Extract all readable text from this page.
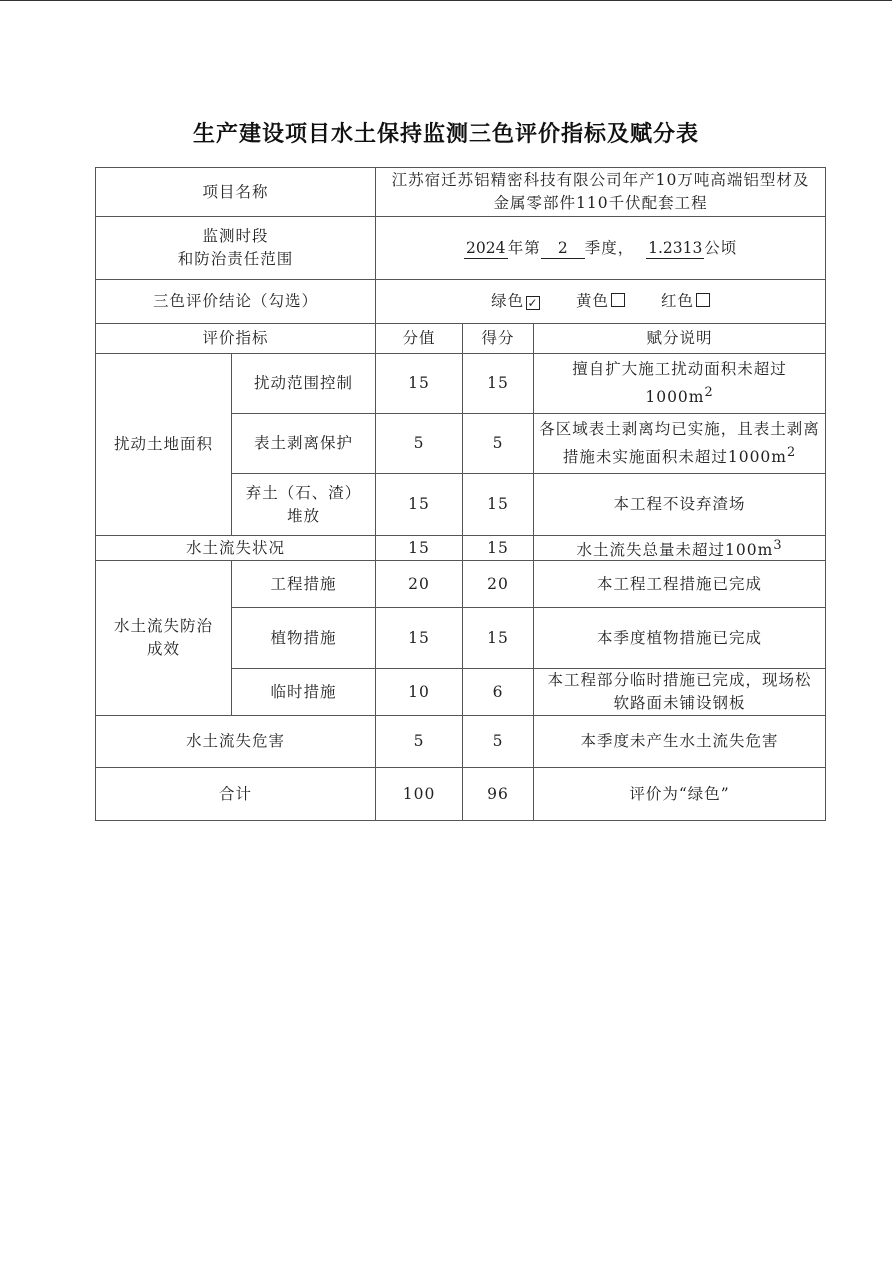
生产建设项目水土保持监测三色评价指标及赋分表
项目名称		江苏宿迁苏铝精密科技有限公司年产10万吨高端铝型材及金属零部件110千伏配套工程		

监测时段
和防治责任范围		2024 年第 2 季度， 1.2313 公顷		
三色评价结论（勾选）		绿色 ✓ 黄色 红色		
评价指标		分值	得分	赋分说明
扰动土地面积	扰动范围控制	15	15	擅自扩大施工扰动面积未超过$1000m^2$
	表土剥离保护	5	5	各区域表土剥离均已实施，且表土剥离措施未实施面积未超过$1000m^2$

	弃土（石、渣）
堆放	15	15	本工程不设弃渣场
水土流失状况		15	15	水土流失总量未超过$100m^3$

水土流失防治
成效	工程措施	20	20	本工程工程措施已完成
	植物措施	15	15	本季度植物措施已完成
	临时措施	10	6	本工程部分临时措施已完成，现场松软路面未铺设钢板
水土流失危害		5	5	本季度未产生水土流失危害
合计		100	96	评价为“绿色”
